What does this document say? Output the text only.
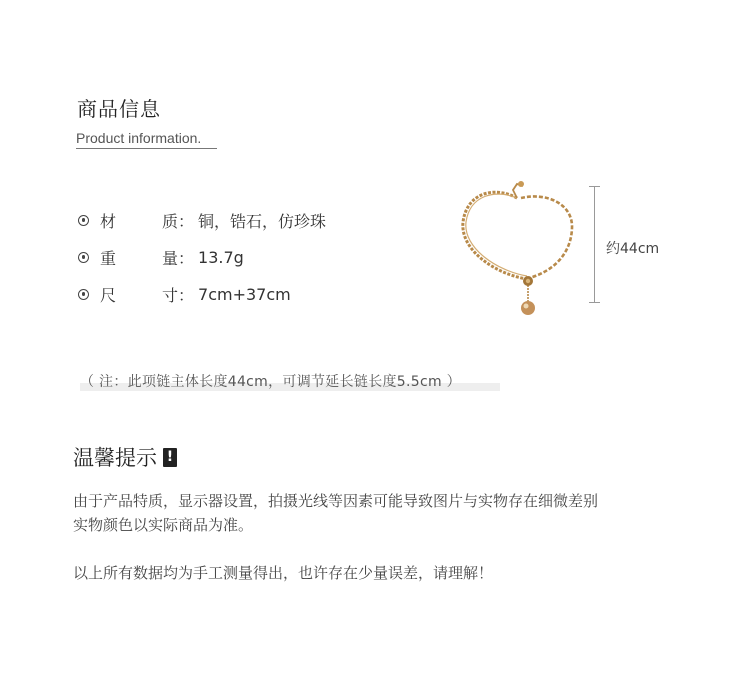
商品信息
Product information.
材	质 ： 铜，锆石，仿珍珠
重	量 ： 13.7g
尺	寸 ： 7cm+37cm
约44cm
（ 注：此项链主体长度44cm，可调节延长链长度5.5cm ）
温馨提示 !
由于产品特质，显示器设置，拍摄光线等因素可能导致图片与实物存在细微差别
实物颜色以实际商品为准。
以上所有数据均为手工测量得出，也许存在少量误差，请理解！
